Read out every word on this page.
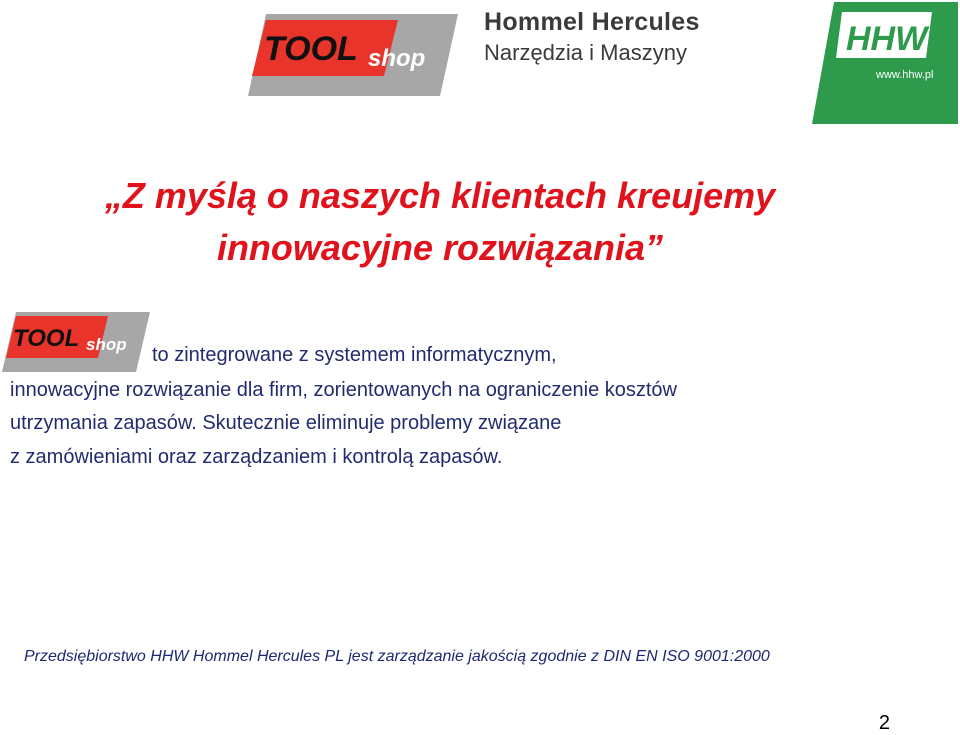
TOOL shop
Hommel Hercules
Narzędzia i Maszyny	HHW
www.hhw.pl
„Z myślą o naszych klientach kreujemy
innowacyjne rozwiązania”
TOOL shop to zintegrowane z systemem informatycznym,
innowacyjne rozwiązanie dla firm, zorientowanych na ograniczenie kosztów
utrzymania zapasów. Skutecznie eliminuje problemy związane
z zamówieniami oraz zarządzaniem i kontrolą zapasów.
Przedsiębiorstwo HHW Hommel Hercules PL jest zarządzanie jakością zgodnie z DIN EN ISO 9001:2000
2
